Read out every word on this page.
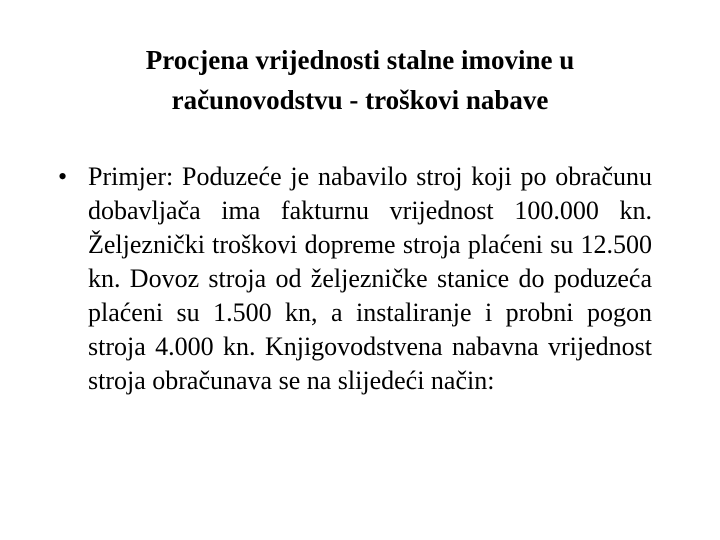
Procjena vrijednosti stalne imovine u
računovodstvu - troškovi nabave
• Primjer: Poduzeće je nabavilo stroj koji po obračunu dobavljača ima fakturnu vrijednost 100.000 kn. Željeznički troškovi dopreme stroja plaćeni su 12.500 kn. Dovoz stroja od željezničke stanice do poduzeća plaćeni su 1.500 kn, a instaliranje i probni pogon stroja 4.000 kn. Knjigovodstvena nabavna vrijednost stroja obračunava se na slijedeći način:
